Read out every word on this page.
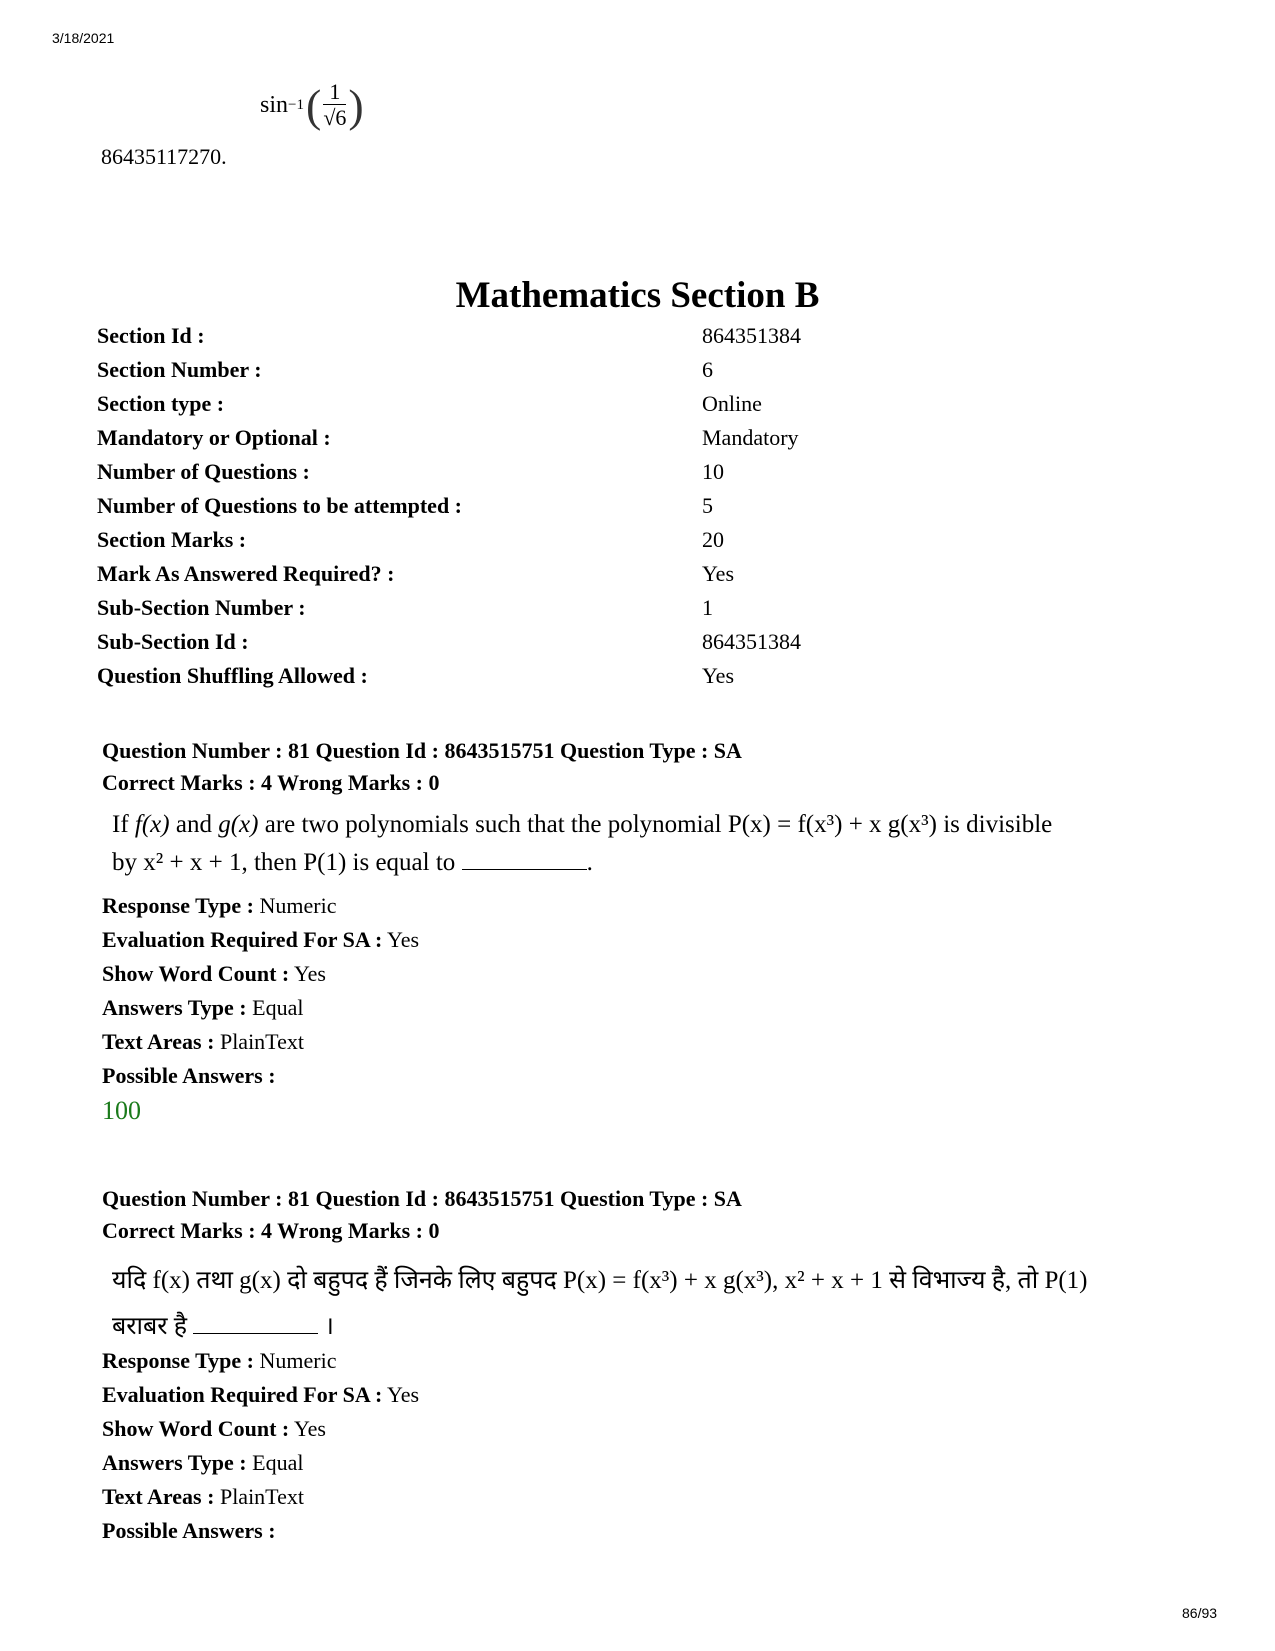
3/18/2021
86435117270.
sin −1 ( $\frac{1}{√6}$ )
Mathematics Section B
Section Id :	864351384
Section Number :	6
Section type :	Online
Mandatory or Optional :	Mandatory
Number of Questions :	10
Number of Questions to be attempted :	5
Section Marks :	20
Mark As Answered Required? :	Yes
Sub-Section Number :	1
Sub-Section Id :	864351384
Question Shuffling Allowed :	Yes
Question Number : 81 Question Id : 8643515751 Question Type : SA
Correct Marks : 4 Wrong Marks : 0
If f(x) and g(x) are two polynomials such that the polynomial P(x) = f(x³) + x g(x³) is divisible
by x² + x + 1, then P(1) is equal to	.
Response Type : Numeric
Evaluation Required For SA : Yes
Show Word Count : Yes
Answers Type : Equal
Text Areas : PlainText
Possible Answers :
100
Question Number : 81 Question Id : 8643515751 Question Type : SA
Correct Marks : 4 Wrong Marks : 0
यदि f(x) तथा g(x) दो बहुपद हैं जिनके लिए बहुपद P(x) = f(x³) + x g(x³), x² + x + 1 से विभाज्य है, तो P(1)
बराबर है	।
Response Type : Numeric
Evaluation Required For SA : Yes
Show Word Count : Yes
Answers Type : Equal
Text Areas : PlainText
Possible Answers :
86/93
